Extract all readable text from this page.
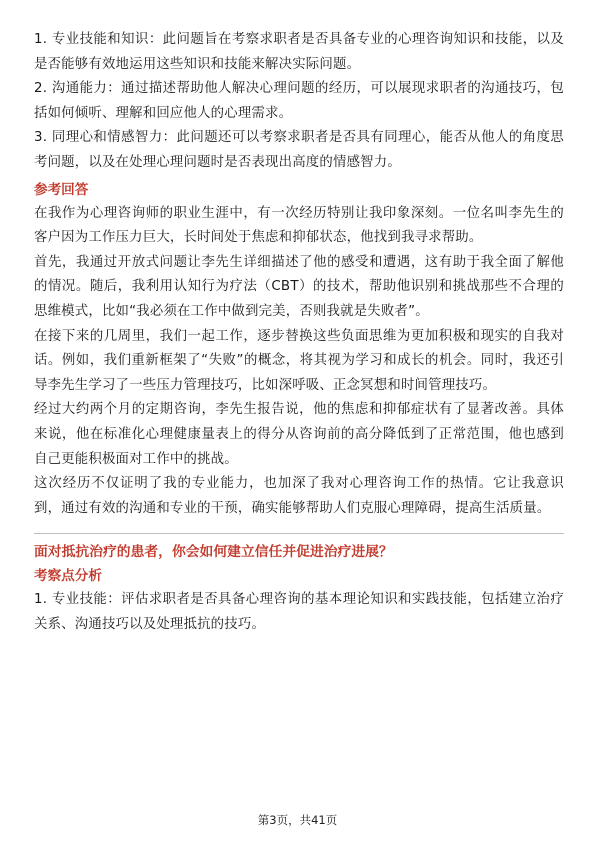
1. 专业技能和知识：此问题旨在考察求职者是否具备专业的心理咨询知识和技能，以及是否能够有效地运用这些知识和技能来解决实际问题。

2. 沟通能力：通过描述帮助他人解决心理问题的经历，可以展现求职者的沟通技巧，包括如何倾听、理解和回应他人的心理需求。

3. 同理心和情感智力：此问题还可以考察求职者是否具有同理心，能否从他人的角度思考问题，以及在处理心理问题时是否表现出高度的情感智力。

参考回答

在我作为心理咨询师的职业生涯中，有一次经历特别让我印象深刻。一位名叫李先生的客户因为工作压力巨大，长时间处于焦虑和抑郁状态，他找到我寻求帮助。

首先，我通过开放式问题让李先生详细描述了他的感受和遭遇，这有助于我全面了解他的情况。随后，我利用认知行为疗法（CBT）的技术，帮助他识别和挑战那些不合理的思维模式，比如“我必须在工作中做到完美，否则我就是失败者”。

在接下来的几周里，我们一起工作，逐步替换这些负面思维为更加积极和现实的自我对话。例如，我们重新框架了“失败”的概念，将其视为学习和成长的机会。同时，我还引导李先生学习了一些压力管理技巧，比如深呼吸、正念冥想和时间管理技巧。

经过大约两个月的定期咨询，李先生报告说，他的焦虑和抑郁症状有了显著改善。具体来说，他在标准化心理健康量表上的得分从咨询前的高分降低到了正常范围，他也感到自己更能积极面对工作中的挑战。

这次经历不仅证明了我的专业能力，也加深了我对心理咨询工作的热情。它让我意识到，通过有效的沟通和专业的干预，确实能够帮助人们克服心理障碍，提高生活质量。

面对抵抗治疗的患者，你会如何建立信任并促进治疗进展？

考察点分析

1. 专业技能：评估求职者是否具备心理咨询的基本理论知识和实践技能，包括建立治疗关系、沟通技巧以及处理抵抗的技巧。

第3页，共41页
